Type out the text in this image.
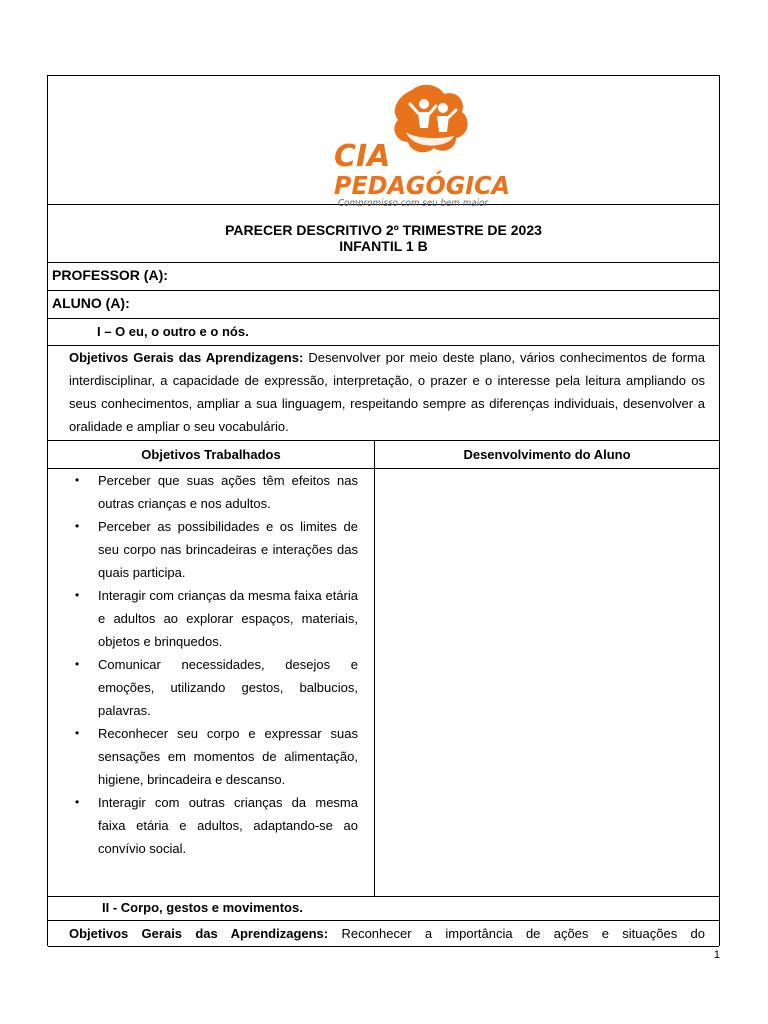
CIA
PEDAGÓGICA
Compromisso com seu bem maior
PARECER DESCRITIVO 2º TRIMESTRE DE 2023
INFANTIL 1 B
PROFESSOR (A):
ALUNO (A):
I – O eu, o outro e o nós.

Objetivos Gerais das Aprendizagens: Desenvolver por meio deste plano, vários conhecimentos de forma interdisciplinar, a capacidade de expressão, interpretação, o prazer e o interesse pela leitura ampliando os seus conhecimentos, ampliar a sua linguagem, respeitando sempre as diferenças individuais, desenvolver a oralidade e ampliar o seu vocabulário.

Objetivos Trabalhados	Desenvolvimento do Aluno
• Perceber que suas ações têm efeitos nas outras crianças e nos adultos.
• Perceber as possibilidades e os limites de seu corpo nas brincadeiras e interações das quais participa.
• Interagir com crianças da mesma faixa etária e adultos ao explorar espaços, materiais, objetos e brinquedos.
• Comunicar necessidades, desejos e emoções, utilizando gestos, balbucios, palavras.
• Reconhecer seu corpo e expressar suas sensações em momentos de alimentação, higiene, brincadeira e descanso.
• Interagir com outras crianças da mesma faixa etária e adultos, adaptando-se ao convívio social.
II - Corpo, gestos e movimentos.

Objetivos Gerais das Aprendizagens: Reconhecer a importância de ações e situações do

1
